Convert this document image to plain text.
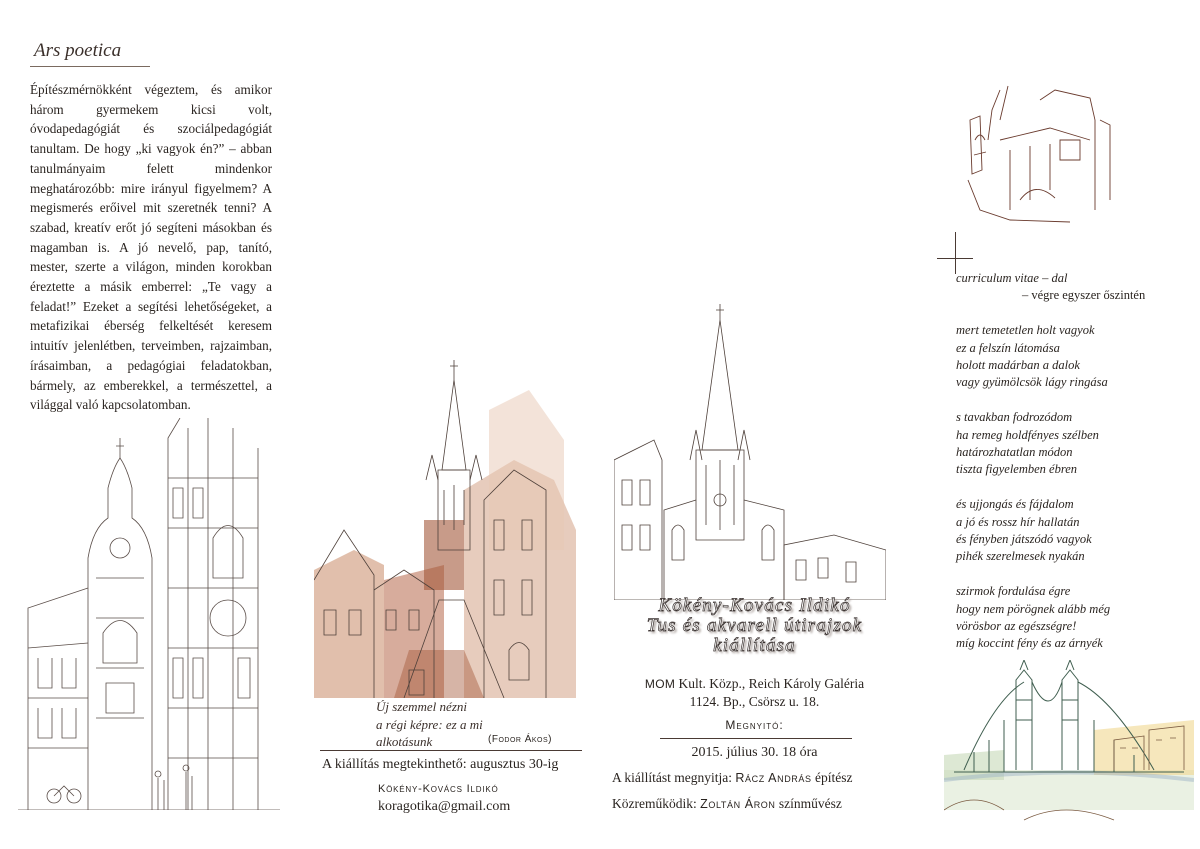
Ars poetica

Építészmérnökként végeztem, és amikor három gyermekem kicsi volt, óvodapedagógiát és szociálpedagógiát tanultam. De hogy „ki vagyok én?” – abban tanulmányaim felett mindenkor meghatározóbb: mire irányul figyelmem? A megismerés erőivel mit szeretnék tenni? A szabad, kreatív erőt jó segíteni másokban és magamban is. A jó nevelő, pap, tanító, mester, szerte a világon, minden korokban éreztette a másik emberrel: „Te vagy a feladat!” Ezeket a segítési lehetőségeket, a metafizikai éberség felkeltését keresem intuitív jelenlétben, terveimben, rajzaimban, írásaimban, a pedagógiai feladatokban, bármely, az emberekkel, a természettel, a világgal való kapcsolatomban.

Új szemmel nézni
a régi képre: ez a mi
alkotásunk	(Fodor Ákos)
A kiállítás megtekinthető: augusztus 30-ig
Kökény-Kovács Ildikó
koragotika@gmail.com
Kökény-Kovács Ildikó
Tus és akvarell útirajzok
kiállítása
MOM Kult. Közp., Reich Károly Galéria
1124. Bp., Csörsz u. 18.
Megnyitó:
2015. július 30. 18 óra
A kiállítást megnyitja: Rácz András építész
Közreműködik: Zoltán Áron színművész
curriculum vitae – dal
– végre egyszer őszintén
mert temetetlen holt vagyok
ez a felszín látomása
holott madárban a dalok
vagy gyümölcsök lágy ringása
s tavakban fodrozódom
ha remeg holdfényes szélben
határozhatatlan módon
tiszta figyelemben ébren
és ujjongás és fájdalom
a jó és rossz hír hallatán
és fényben játszódó vagyok
pihék szerelmesek nyakán
szirmok fordulása égre
hogy nem pörögnek alább még
vörösbor az egészségre!
míg koccint fény és az árnyék
